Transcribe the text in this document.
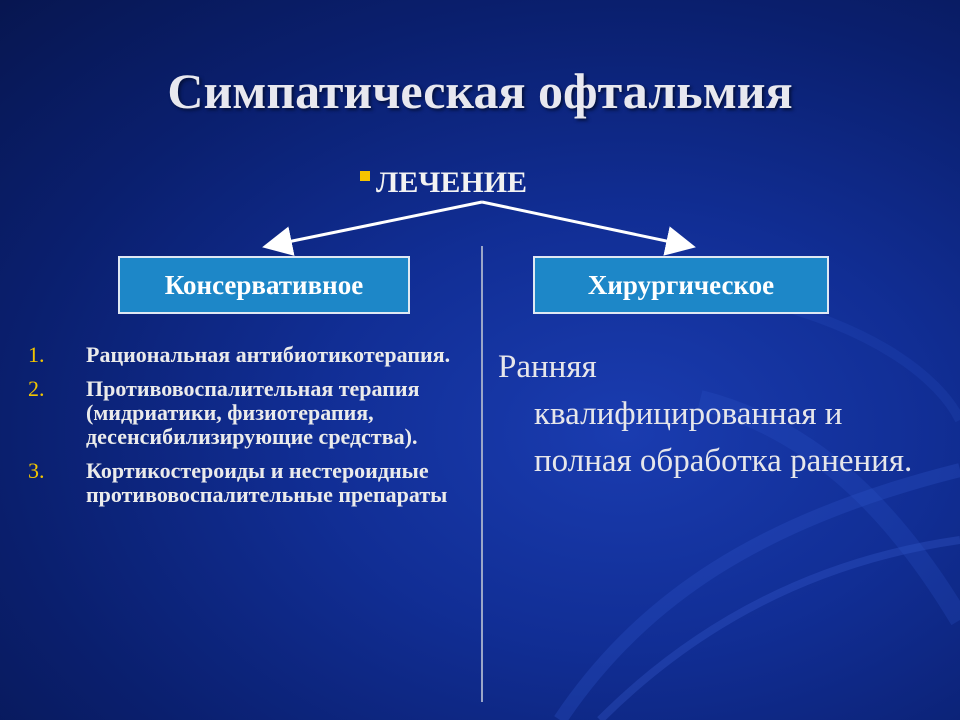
Симпатическая офтальмия
ЛЕЧЕНИЕ
Консервативное	Хирургическое
1. Рациональная антибиотикотерапия.
2. Противовоспалительная терапия (мидриатики, физиотерапия, десенсибилизирующие средства).
3. Кортикостероиды и нестероидные противовоспалительные препараты
Ранняя
квалифицированная и полная обработка ранения.
